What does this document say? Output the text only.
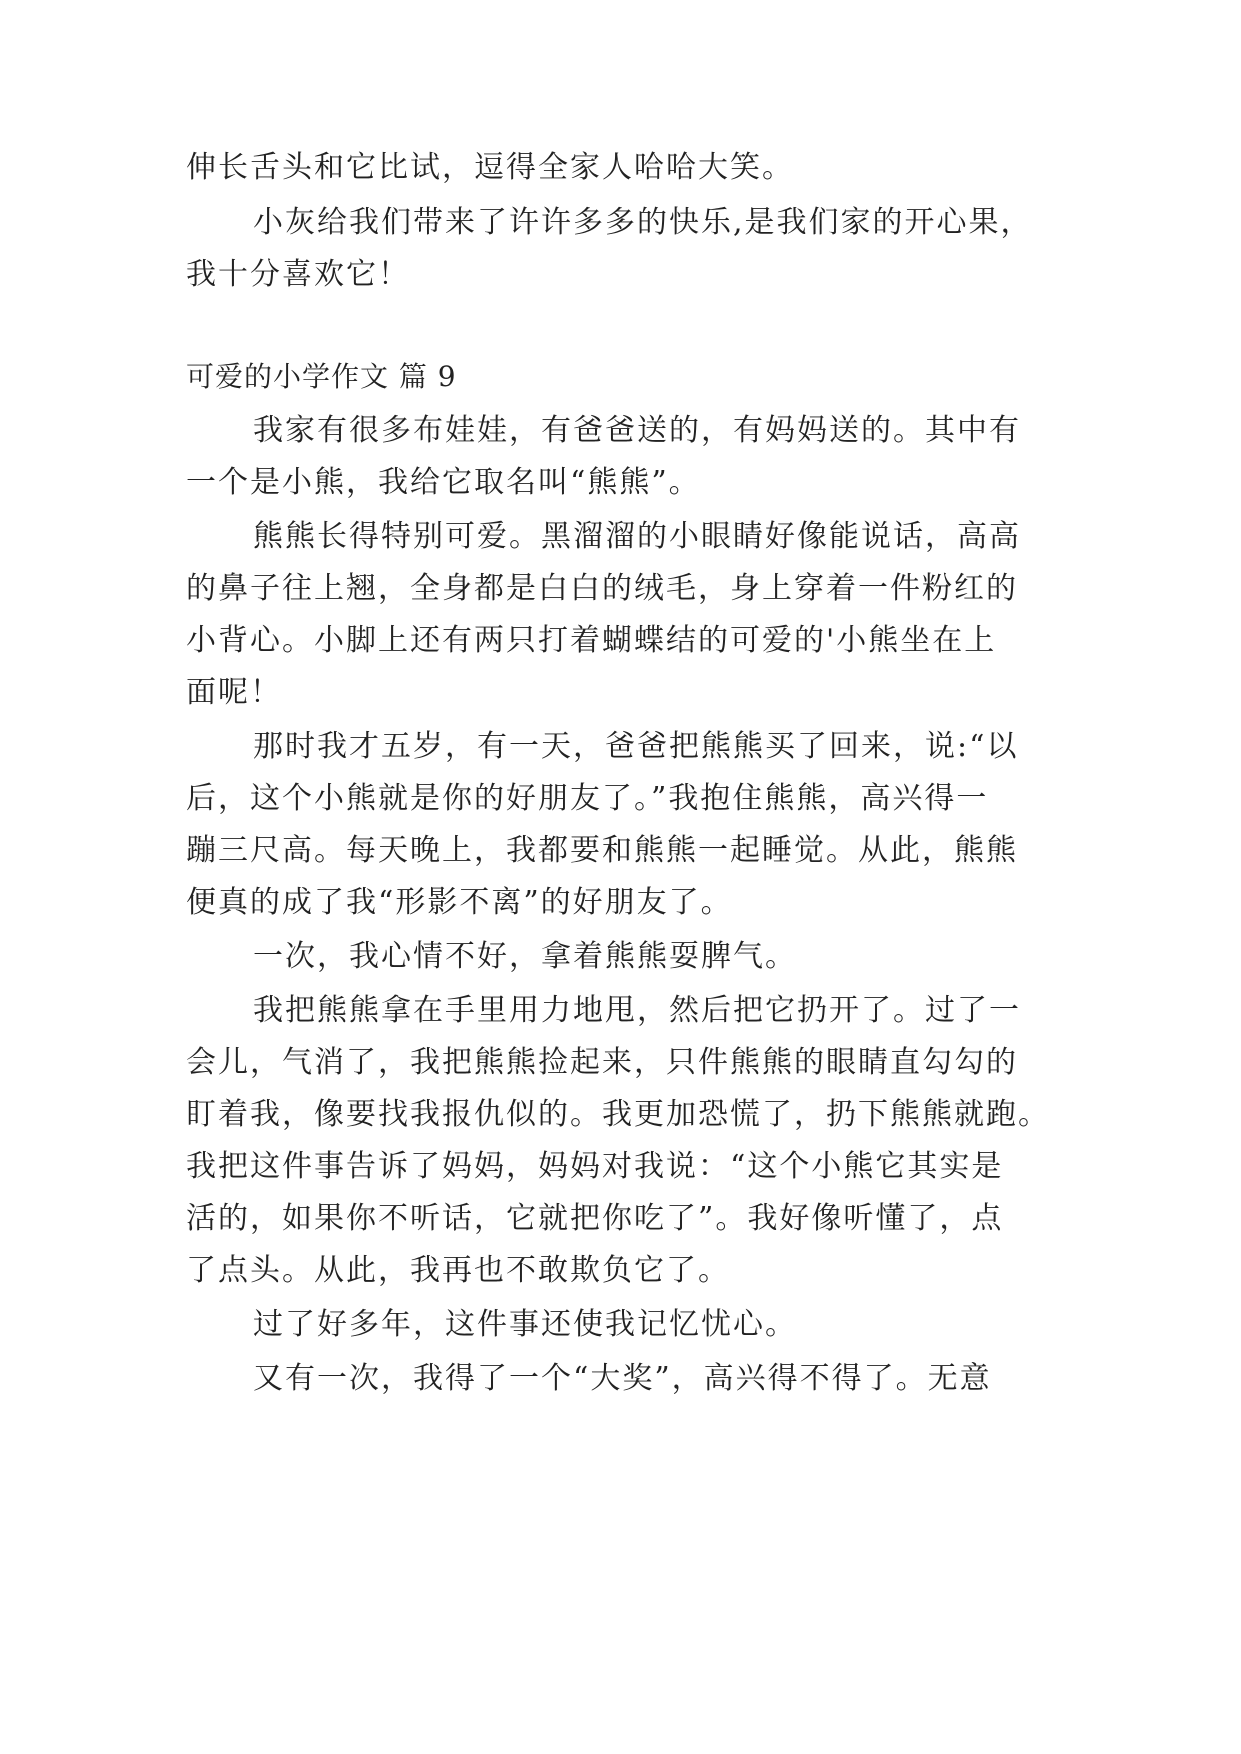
伸长舌头和它比试，逗得全家人哈哈大笑。
小灰给我们带来了许许多多的快乐,是我们家的开心果，
我十分喜欢它！
可爱的小学作文 篇 9
我家有很多布娃娃，有爸爸送的，有妈妈送的。其中有
一个是小熊，我给它取名叫“熊熊”。
熊熊长得特别可爱。黑溜溜的小眼睛好像能说话，高高
的鼻子往上翘，全身都是白白的绒毛，身上穿着一件粉红的
小背心。小脚上还有两只打着蝴蝶结的可爱的'小熊坐在上
面呢！
那时我才五岁，有一天，爸爸把熊熊买了回来，说:“以
后，这个小熊就是你的好朋友了。”我抱住熊熊，高兴得一
蹦三尺高。每天晚上，我都要和熊熊一起睡觉。从此，熊熊
便真的成了我“形影不离”的好朋友了。
一次，我心情不好，拿着熊熊耍脾气。
我把熊熊拿在手里用力地甩，然后把它扔开了。过了一
会儿，气消了，我把熊熊捡起来，只件熊熊的眼睛直勾勾的
盯着我，像要找我报仇似的。我更加恐慌了，扔下熊熊就跑。
我把这件事告诉了妈妈，妈妈对我说：“这个小熊它其实是
活的，如果你不听话，它就把你吃了”。我好像听懂了，点
了点头。从此，我再也不敢欺负它了。
过了好多年，这件事还使我记忆忧心。
又有一次，我得了一个“大奖”，高兴得不得了。无意
